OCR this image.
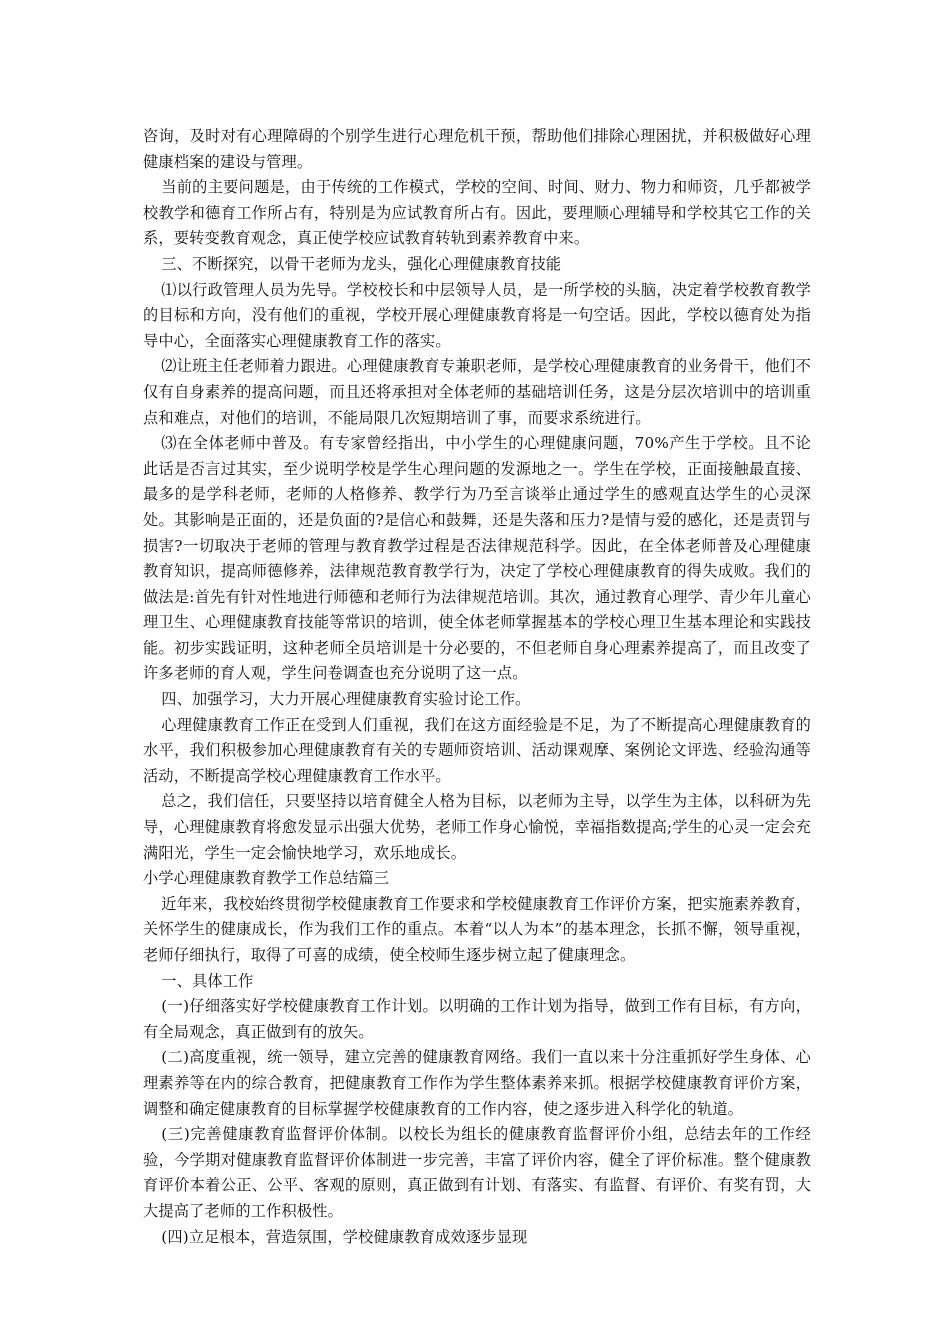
咨询，及时对有心理障碍的个别学生进行心理危机干预，帮助他们排除心理困扰，并积极做好心理健康档案的建设与管理。

当前的主要问题是，由于传统的工作模式，学校的空间、时间、财力、物力和师资，几乎都被学校教学和德育工作所占有，特别是为应试教育所占有。因此，要理顺心理辅导和学校其它工作的关系，要转变教育观念，真正使学校应试教育转轨到素养教育中来。

三、不断探究，以骨干老师为龙头，强化心理健康教育技能

⑴以行政管理人员为先导。学校校长和中层领导人员，是一所学校的头脑，决定着学校教育教学的目标和方向，没有他们的重视，学校开展心理健康教育将是一句空话。因此，学校以德育处为指导中心，全面落实心理健康教育工作的落实。

⑵让班主任老师着力跟进。心理健康教育专兼职老师，是学校心理健康教育的业务骨干，他们不仅有自身素养的提高问题，而且还将承担对全体老师的基础培训任务，这是分层次培训中的培训重点和难点，对他们的培训，不能局限几次短期培训了事，而要求系统进行。

⑶在全体老师中普及。有专家曾经指出，中小学生的心理健康问题，70%产生于学校。且不论此话是否言过其实，至少说明学校是学生心理问题的发源地之一。学生在学校，正面接触最直接、最多的是学科老师，老师的人格修养、教学行为乃至言谈举止通过学生的感观直达学生的心灵深处。其影响是正面的，还是负面的?是信心和鼓舞，还是失落和压力?是情与爱的感化，还是责罚与损害?一切取决于老师的管理与教育教学过程是否法律规范科学。因此，在全体老师普及心理健康教育知识，提高师德修养，法律规范教育教学行为，决定了学校心理健康教育的得失成败。我们的做法是:首先有针对性地进行师德和老师行为法律规范培训。其次，通过教育心理学、青少年儿童心理卫生、心理健康教育技能等常识的培训，使全体老师掌握基本的学校心理卫生基本理论和实践技能。初步实践证明，这种老师全员培训是十分必要的，不但老师自身心理素养提高了，而且改变了许多老师的育人观，学生问卷调查也充分说明了这一点。

四、加强学习，大力开展心理健康教育实验讨论工作。

心理健康教育工作正在受到人们重视，我们在这方面经验是不足，为了不断提高心理健康教育的水平，我们积极参加心理健康教育有关的专题师资培训、活动课观摩、案例论文评选、经验沟通等活动，不断提高学校心理健康教育工作水平。

总之，我们信任，只要坚持以培育健全人格为目标，以老师为主导，以学生为主体，以科研为先导，心理健康教育将愈发显示出强大优势，老师工作身心愉悦，幸福指数提高;学生的心灵一定会充满阳光，学生一定会愉快地学习，欢乐地成长。

小学心理健康教育教学工作总结篇三

近年来，我校始终贯彻学校健康教育工作要求和学校健康教育工作评价方案，把实施素养教育，关怀学生的健康成长，作为我们工作的重点。本着“以人为本”的基本理念，长抓不懈，领导重视，老师仔细执行，取得了可喜的成绩，使全校师生逐步树立起了健康理念。

一、具体工作

(一)仔细落实好学校健康教育工作计划。以明确的工作计划为指导，做到工作有目标，有方向，有全局观念，真正做到有的放矢。

(二)高度重视，统一领导，建立完善的健康教育网络。我们一直以来十分注重抓好学生身体、心理素养等在内的综合教育，把健康教育工作作为学生整体素养来抓。根据学校健康教育评价方案，调整和确定健康教育的目标掌握学校健康教育的工作内容，使之逐步进入科学化的轨道。

(三)完善健康教育监督评价体制。以校长为组长的健康教育监督评价小组，总结去年的工作经验，今学期对健康教育监督评价体制进一步完善，丰富了评价内容，健全了评价标准。整个健康教育评价本着公正、公平、客观的原则，真正做到有计划、有落实、有监督、有评价、有奖有罚，大大提高了老师的工作积极性。

(四)立足根本，营造氛围，学校健康教育成效逐步显现
